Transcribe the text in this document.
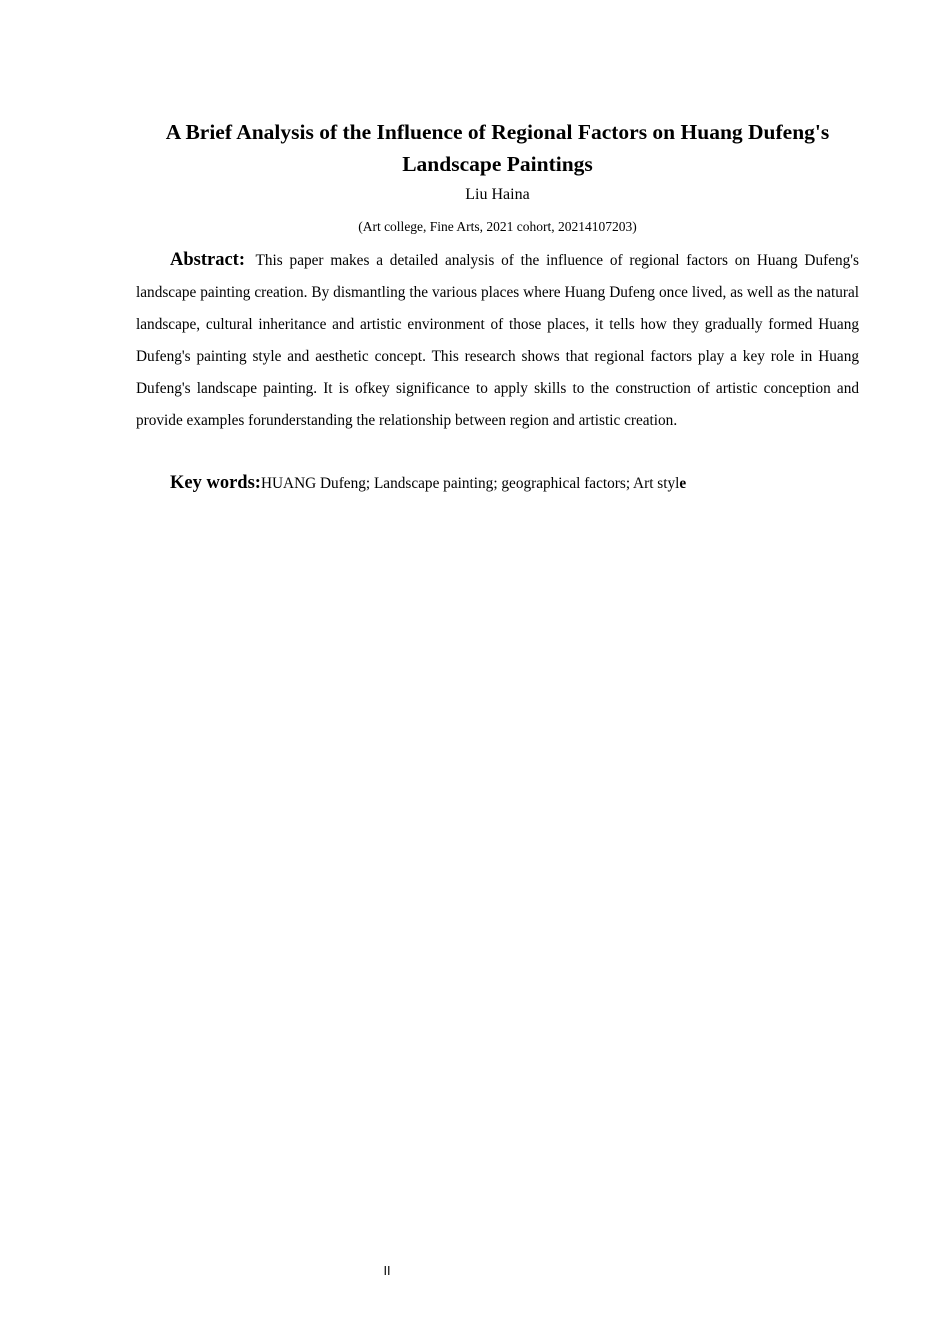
A Brief Analysis of the Influence of Regional Factors on Huang Dufeng's Landscape Paintings
Liu Haina
(Art college, Fine Arts, 2021 cohort, 20214107203)

Abstract: This paper makes a detailed analysis of the influence of regional factors on Huang Dufeng's landscape painting creation. By dismantling the various places where Huang Dufeng once lived, as well as the natural landscape, cultural inheritance and artistic environment of those places, it tells how they gradually formed Huang Dufeng's painting style and aesthetic concept. This research shows that regional factors play a key role in Huang Dufeng's landscape painting. It is ofkey significance to apply skills to the construction of artistic conception and provide examples forunderstanding the relationship between region and artistic creation.

Key words:HUANG Dufeng; Landscape painting; geographical factors; Art style

II
